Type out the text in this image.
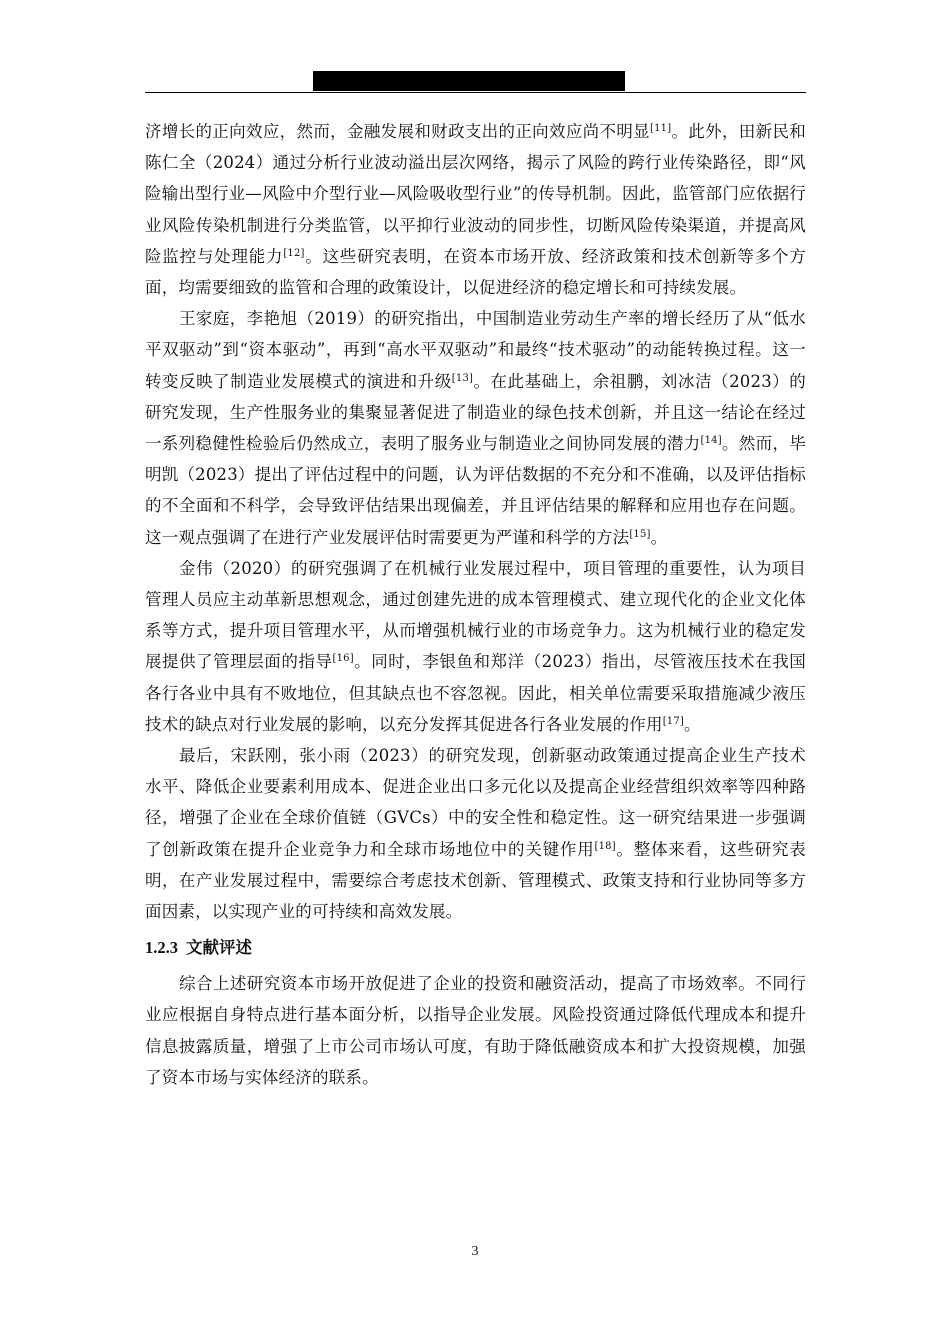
济增长的正向效应，然而，金融发展和财政支出的正向效应尚不明显[11]。此外，田新民和陈仁全（2024）通过分析行业波动溢出层次网络，揭示了风险的跨行业传染路径，即“风险输出型行业—风险中介型行业—风险吸收型行业”的传导机制。因此，监管部门应依据行业风险传染机制进行分类监管，以平抑行业波动的同步性，切断风险传染渠道，并提高风险监控与处理能力[12]。这些研究表明，在资本市场开放、经济政策和技术创新等多个方面，均需要细致的监管和合理的政策设计，以促进经济的稳定增长和可持续发展。

王家庭，李艳旭（2019）的研究指出，中国制造业劳动生产率的增长经历了从“低水平双驱动”到“资本驱动”，再到“高水平双驱动”和最终“技术驱动”的动能转换过程。这一转变反映了制造业发展模式的演进和升级[13]。在此基础上，余祖鹏，刘冰洁（2023）的研究发现，生产性服务业的集聚显著促进了制造业的绿色技术创新，并且这一结论在经过一系列稳健性检验后仍然成立，表明了服务业与制造业之间协同发展的潜力[14]。然而，毕明凯（2023）提出了评估过程中的问题，认为评估数据的不充分和不准确，以及评估指标的不全面和不科学，会导致评估结果出现偏差，并且评估结果的解释和应用也存在问题。这一观点强调了在进行产业发展评估时需要更为严谨和科学的方法[15]。

金伟（2020）的研究强调了在机械行业发展过程中，项目管理的重要性，认为项目管理人员应主动革新思想观念，通过创建先进的成本管理模式、建立现代化的企业文化体系等方式，提升项目管理水平，从而增强机械行业的市场竞争力。这为机械行业的稳定发展提供了管理层面的指导[16]。同时，李银鱼和郑洋（2023）指出，尽管液压技术在我国各行各业中具有不败地位，但其缺点也不容忽视。因此，相关单位需要采取措施减少液压技术的缺点对行业发展的影响，以充分发挥其促进各行各业发展的作用[17]。

最后，宋跃刚，张小雨（2023）的研究发现，创新驱动政策通过提高企业生产技术水平、降低企业要素利用成本、促进企业出口多元化以及提高企业经营组织效率等四种路径，增强了企业在全球价值链（GVCs）中的安全性和稳定性。这一研究结果进一步强调了创新政策在提升企业竞争力和全球市场地位中的关键作用[18]。整体来看，这些研究表明，在产业发展过程中，需要综合考虑技术创新、管理模式、政策支持和行业协同等多方面因素，以实现产业的可持续和高效发展。

1.2.3 文献评述

综合上述研究资本市场开放促进了企业的投资和融资活动，提高了市场效率。不同行业应根据自身特点进行基本面分析，以指导企业发展。风险投资通过降低代理成本和提升信息披露质量，增强了上市公司市场认可度，有助于降低融资成本和扩大投资规模，加强了资本市场与实体经济的联系。

3
